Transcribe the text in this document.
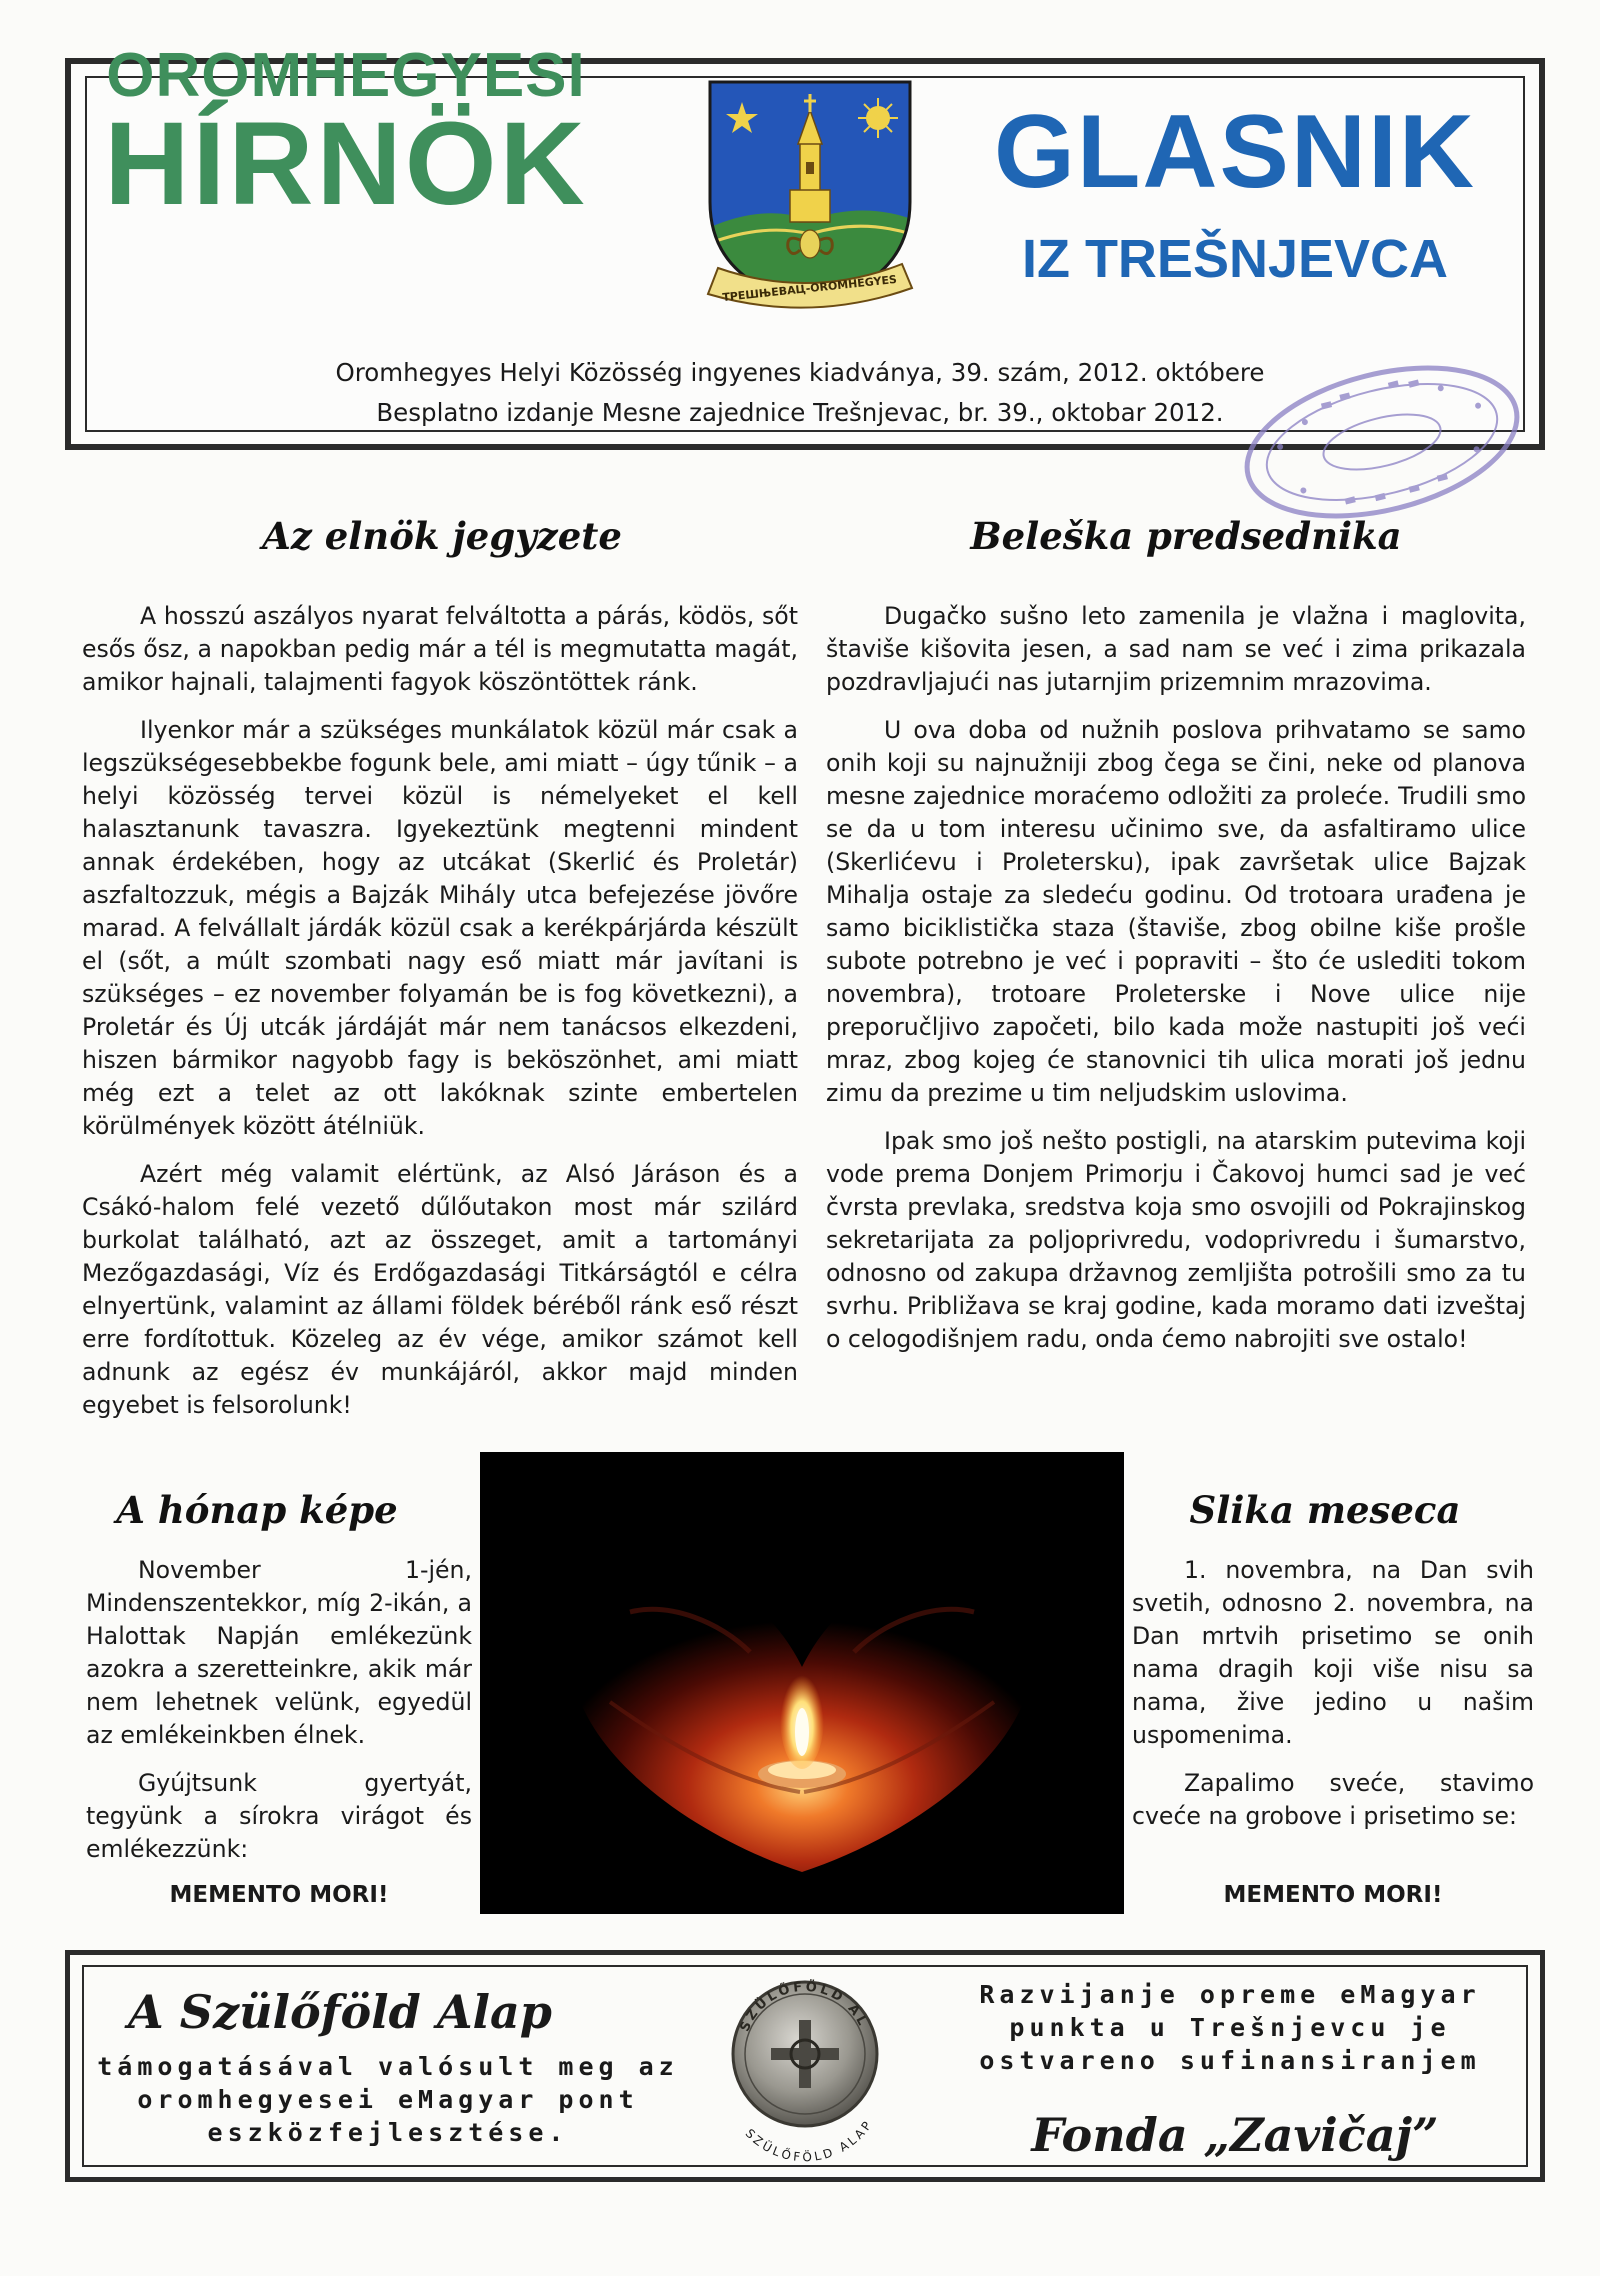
OROMHEGYESI
HÍRNÖK
ТРЕШЊЕВАЦ-OROMHEGYES
GLASNIK
IZ TREŠNJEVCA
Oromhegyes Helyi Közösség ingyenes kiadványa, 39. szám, 2012. októbere
Besplatno izdanje Mesne zajednice Trešnjevac, br. 39., oktobar 2012.
Az elnök jegyzete	Beleška predsednika

A hosszú aszályos nyarat felváltotta a párás, ködös, sőt esős ősz, a napokban pedig már a tél is megmutatta magát, amikor hajnali, talajmenti fagyok köszöntöttek ránk.

Ilyenkor már a szükséges munkálatok közül már csak a legszükségesebbekbe fogunk bele, ami miatt – úgy tűnik – a helyi közösség tervei közül is némelyeket el kell halasztanunk tavaszra. Igyekeztünk megtenni mindent annak érdekében, hogy az utcákat (Skerlić és Proletár) aszfaltozzuk, mégis a Bajzák Mihály utca befejezése jövőre marad. A felvállalt járdák közül csak a kerékpárjárda készült el (sőt, a múlt szombati nagy eső miatt már javítani is szükséges – ez november folyamán be is fog következni), a Proletár és Új utcák járdáját már nem tanácsos elkezdeni, hiszen bármikor nagyobb fagy is beköszönhet, ami miatt még ezt a telet az ott lakóknak szinte embertelen körülmények között átélniük.

Azért még valamit elértünk, az Alsó Járáson és a Csákó-halom felé vezető dűlőutakon most már szilárd burkolat található, azt az összeget, amit a tartományi Mezőgazdasági, Víz és Erdőgazdasági Titkárságtól e célra elnyertünk, valamint az állami földek béréből ránk eső részt erre fordítottuk. Közeleg az év vége, amikor számot kell adnunk az egész év munkájáról, akkor majd minden egyebet is felsorolunk!

Dugačko sušno leto zamenila je vlažna i maglovita, štaviše kišovita jesen, a sad nam se već i zima prikazala pozdravljajući nas jutarnjim prizemnim mrazovima.

U ova doba od nužnih poslova prihvatamo se samo onih koji su najnužniji zbog čega se čini, neke od planova mesne zajednice moraćemo odložiti za proleće. Trudili smo se da u tom interesu učinimo sve, da asfaltiramo ulice (Skerlićevu i Proletersku), ipak završetak ulice Bajzak Mihalja ostaje za sledeću godinu. Od trotoara urađena je samo biciklistička staza (štaviše, zbog obilne kiše prošle subote potrebno je već i popraviti – što će uslediti tokom novembra), trotoare Proleterske i Nove ulice nije preporučljivo započeti, bilo kada može nastupiti još veći mraz, zbog kojeg će stanovnici tih ulica morati još jednu zimu da prezime u tim neljudskim uslovima.

Ipak smo još nešto postigli, na atarskim putevima koji vode prema Donjem Primorju i Čakovoj humci sad je već čvrsta prevlaka, sredstva koja smo osvojili od Pokrajinskog sekretarijata za poljoprivredu, vodoprivredu i šumarstvo, odnosno od zakupa državnog zemljišta potrošili smo za tu svrhu. Približava se kraj godine, kada moramo dati izveštaj o celogodišnjem radu, onda ćemo nabrojiti sve ostalo!

A hónap képe	Slika meseca

November 1-jén, Mindenszentekkor, míg 2-ikán, a Halottak Napján emlékezünk azokra a szeretteinkre, akik már nem lehetnek velünk, egyedül az emlékeinkben élnek.

Gyújtsunk gyertyát, tegyünk a sírokra virágot és emlékezzünk:

MEMENTO MORI!

1. novembra, na Dan svih svetih, odnosno 2. novembra, na Dan mrtvih prisetimo se onih nama dragih koji više nisu sa nama, žive jedino u našim uspomenima.

Zapalimo sveće, stavimo cveće na grobove i prisetimo se:

MEMENTO MORI!
A Szülőföld Alap
támogatásával valósult meg az oromhegyesei eMagyar pont eszközfejlesztése.
SZÜLŐFÖLD AL
SZÜLŐFÖLD ALAP
Razvijanje opreme eMagyar punkta u Trešnjevcu je ostvareno sufinansiranjem
Fonda „Zavičaj”
